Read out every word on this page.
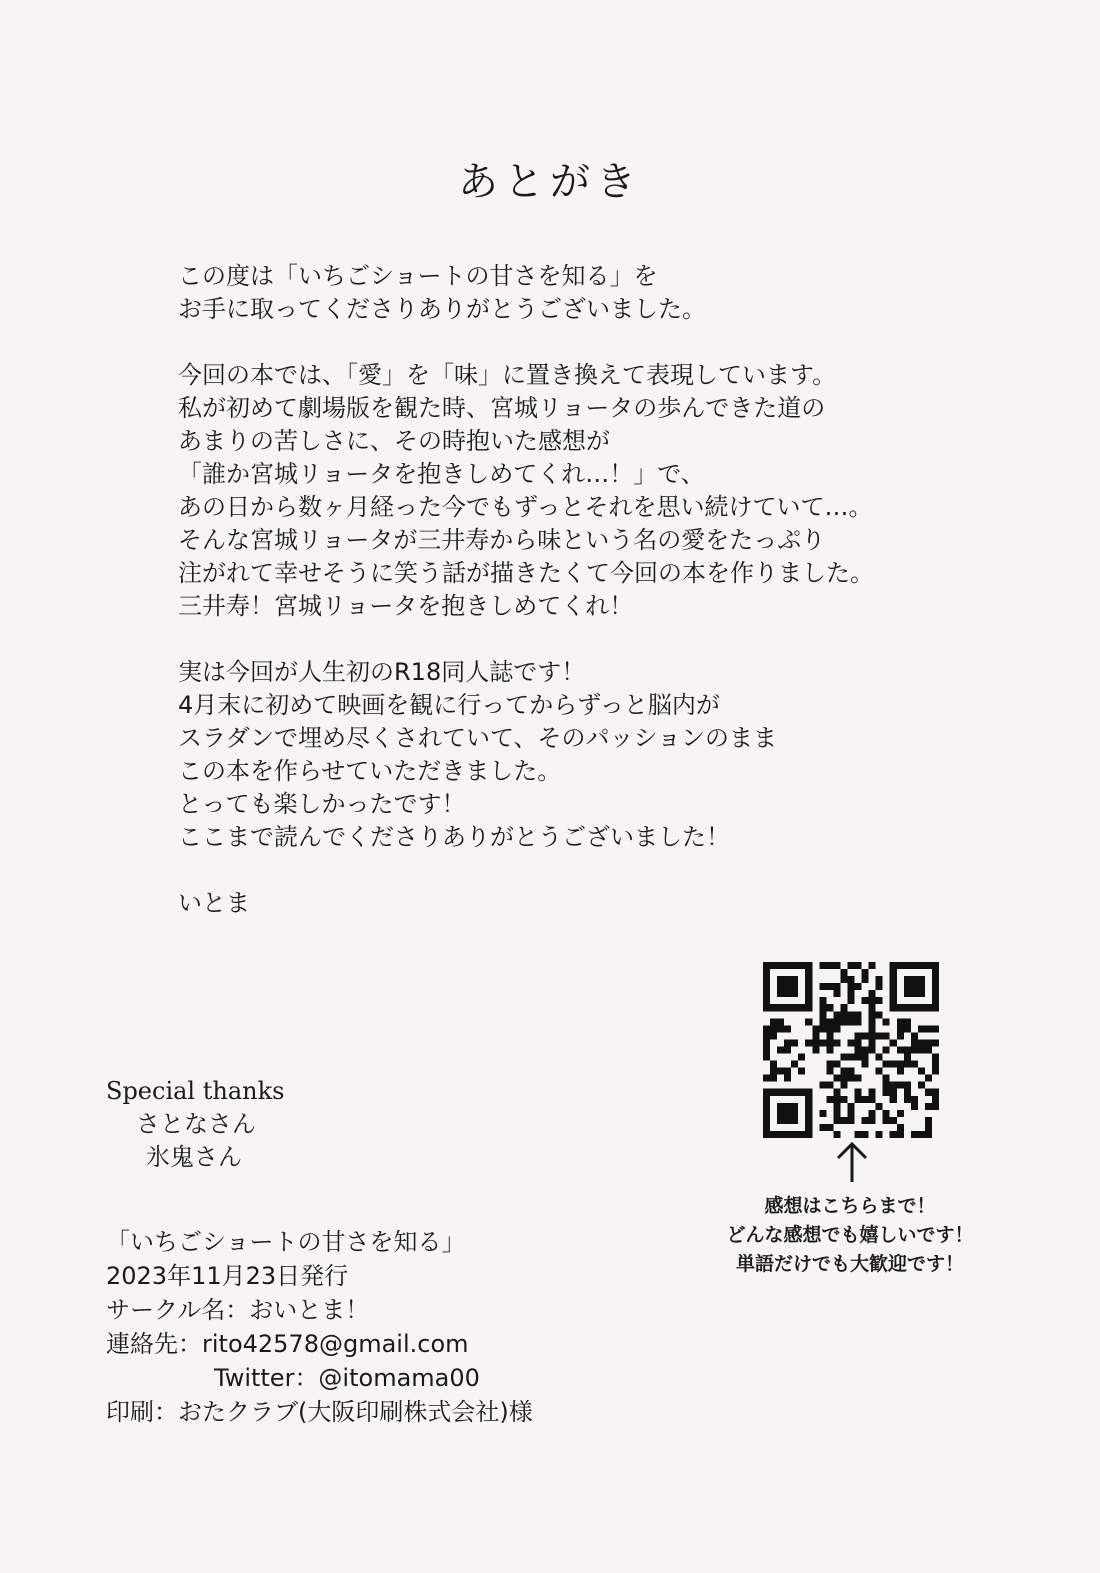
あとがき
この度は「いちごショートの甘さを知る」を
お手に取ってくださりありがとうございました。
今回の本では、「愛」を「味」に置き換えて表現しています。
私が初めて劇場版を観た時、宮城リョータの歩んできた道の
あまりの苦しさに、その時抱いた感想が
「誰か宮城リョータを抱きしめてくれ…！」で、
あの日から数ヶ月経った今でもずっとそれを思い続けていて…。
そんな宮城リョータが三井寿から味という名の愛をたっぷり
注がれて幸せそうに笑う話が描きたくて今回の本を作りました。
三井寿！宮城リョータを抱きしめてくれ！
実は今回が人生初のR18同人誌です！
4月末に初めて映画を観に行ってからずっと脳内が
スラダンで埋め尽くされていて、そのパッションのまま
この本を作らせていただきました。
とっても楽しかったです！
ここまで読んでくださりありがとうございました！
いとま
Special thanks
さとなさん
氷鬼さん
「いちごショートの甘さを知る」
2023年11月23日発行
サークル名：おいとま！
連絡先：rito42578@gmail.com
Twitter：@itomama00
印刷：おたクラブ(大阪印刷株式会社)様
感想はこちらまで！
どんな感想でも嬉しいです！
単語だけでも大歓迎です！
